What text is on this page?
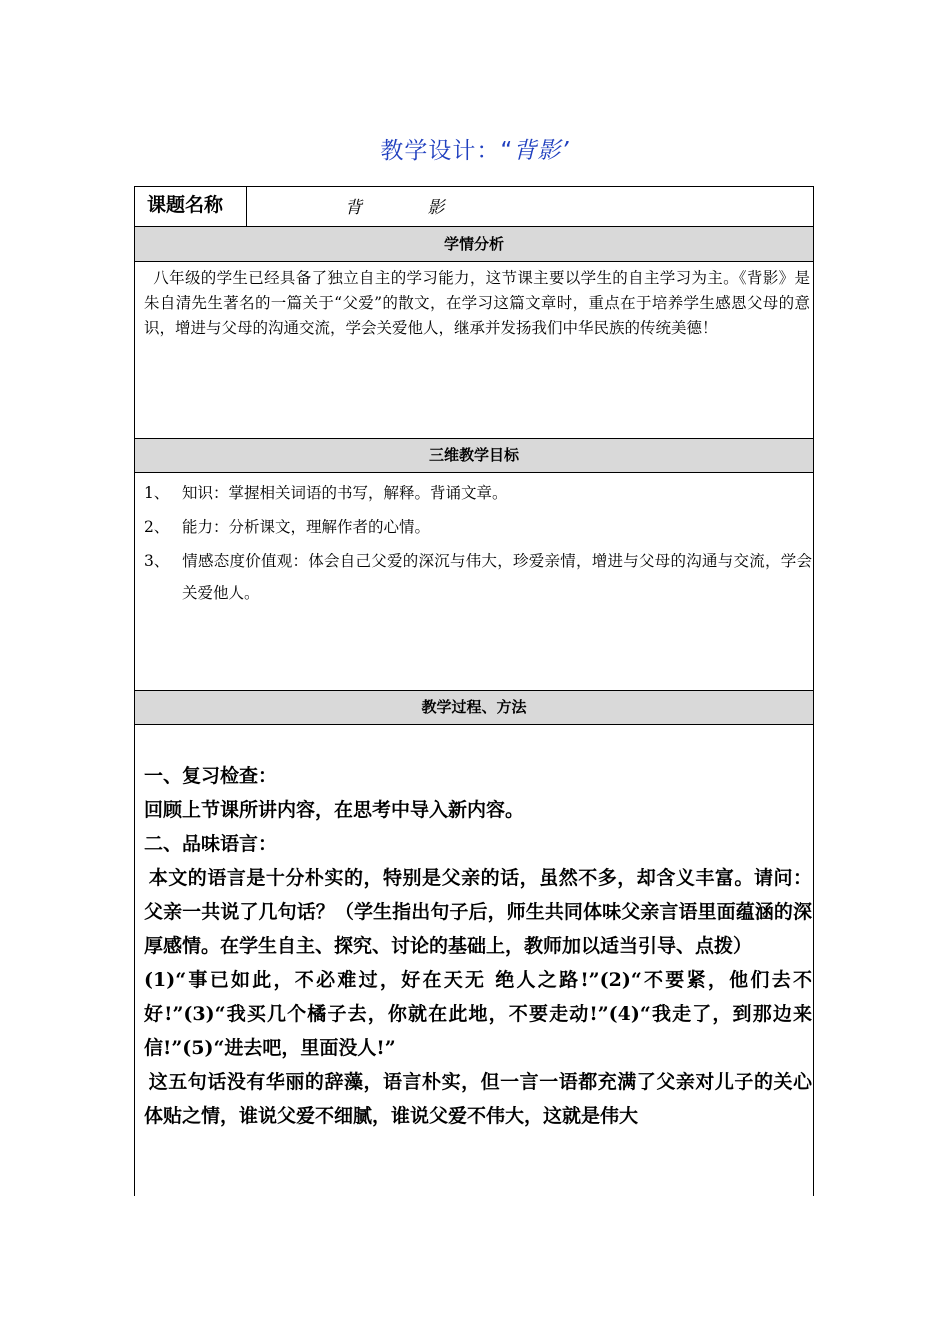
教学设计：“背影’
课题名称	背 影
学情分析

八年级的学生已经具备了独立自主的学习能力，这节课主要以学生的自主学习为主。《背影》是朱自清先生著名的一篇关于“父爱”的散文，在学习这篇文章时，重点在于培养学生感恩父母的意识，增进与父母的沟通交流，学会关爱他人，继承并发扬我们中华民族的传统美德！

三维教学目标
1、 知识：掌握相关词语的书写，解释。背诵文章。
2、 能力：分析课文，理解作者的心情。
3、 情感态度价值观：体会自己父爱的深沉与伟大，珍爱亲情，增进与父母的沟通与交流，学会关爱他人。
教学过程、方法

一、复习检查：

回顾上节课所讲内容，在思考中导入新内容。

二、品味语言：

本文的语言是十分朴实的，特别是父亲的话，虽然不多，却含义丰富。请问：父亲一共说了几句话？（学生指出句子后，师生共同体味父亲言语里面蕴涵的深厚感情。在学生自主、探究、讨论的基础上，教师加以适当引导、点拨）

(1)“事已如此，不必难过，好在天无 绝人之路!”(2)“不要紧，他们去不好!”(3)“我买几个橘子去，你就在此地，不要走动!”(4)“我走了，到那边来信!”(5)“进去吧，里面没人!”

这五句话没有华丽的辞藻，语言朴实，但一言一语都充满了父亲对儿子的关心体贴之情，谁说父爱不细腻，谁说父爱不伟大，这就是伟大
